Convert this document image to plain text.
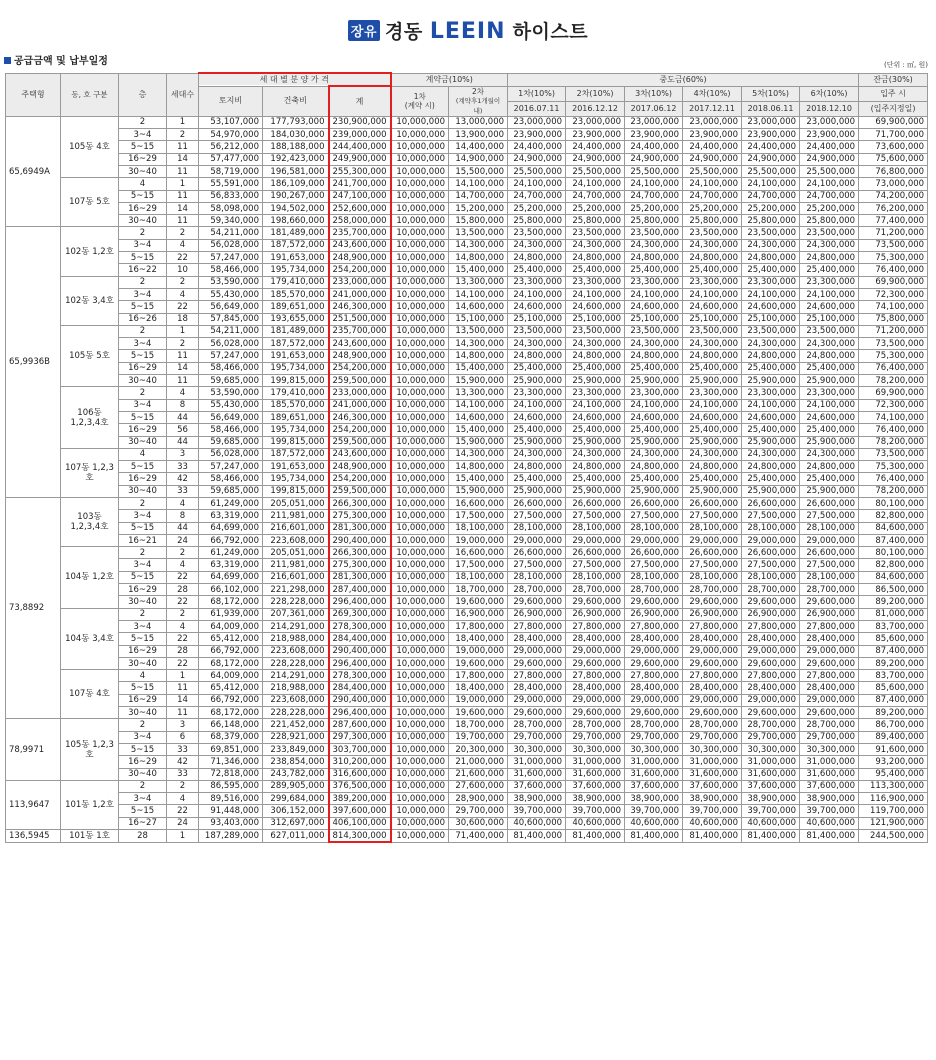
장유 경동 LEEIN 하이스트
공급금액 및 납부일정	(단위 : ㎡, 원)
주택형	동, 호 구분	층	세대수	세 대 별 분 양 가 격			계약금(10%)		중도금(60%)						잔금(30%)
				토지비	건축비	계	1차
(계약 시)	2차
(계약후1개월이내)	1차(10%)	2차(10%)	3차(10%)	4차(10%)	5차(10%)	6차(10%)	입주 시
									2016.07.11	2016.12.12	2017.06.12	2017.12.11	2018.06.11	2018.12.10	(입주지정일)
65,6949A	105동 4호	2	1	53,107,000	177,793,000	230,900,000	10,000,000	13,000,000	23,000,000	23,000,000	23,000,000	23,000,000	23,000,000	23,000,000	69,900,000
		3~4	2	54,970,000	184,030,000	239,000,000	10,000,000	13,900,000	23,900,000	23,900,000	23,900,000	23,900,000	23,900,000	23,900,000	71,700,000
		5~15	11	56,212,000	188,188,000	244,400,000	10,000,000	14,400,000	24,400,000	24,400,000	24,400,000	24,400,000	24,400,000	24,400,000	73,600,000
		16~29	14	57,477,000	192,423,000	249,900,000	10,000,000	14,900,000	24,900,000	24,900,000	24,900,000	24,900,000	24,900,000	24,900,000	75,600,000
		30~40	11	58,719,000	196,581,000	255,300,000	10,000,000	15,500,000	25,500,000	25,500,000	25,500,000	25,500,000	25,500,000	25,500,000	76,800,000
	107동 5호	4	1	55,591,000	186,109,000	241,700,000	10,000,000	14,100,000	24,100,000	24,100,000	24,100,000	24,100,000	24,100,000	24,100,000	73,000,000
		5~15	11	56,833,000	190,267,000	247,100,000	10,000,000	14,700,000	24,700,000	24,700,000	24,700,000	24,700,000	24,700,000	24,700,000	74,200,000
		16~29	14	58,098,000	194,502,000	252,600,000	10,000,000	15,200,000	25,200,000	25,200,000	25,200,000	25,200,000	25,200,000	25,200,000	76,200,000
		30~40	11	59,340,000	198,660,000	258,000,000	10,000,000	15,800,000	25,800,000	25,800,000	25,800,000	25,800,000	25,800,000	25,800,000	77,400,000
65,9936B	102동 1,2호	2	2	54,211,000	181,489,000	235,700,000	10,000,000	13,500,000	23,500,000	23,500,000	23,500,000	23,500,000	23,500,000	23,500,000	71,200,000
		3~4	4	56,028,000	187,572,000	243,600,000	10,000,000	14,300,000	24,300,000	24,300,000	24,300,000	24,300,000	24,300,000	24,300,000	73,500,000
		5~15	22	57,247,000	191,653,000	248,900,000	10,000,000	14,800,000	24,800,000	24,800,000	24,800,000	24,800,000	24,800,000	24,800,000	75,300,000
		16~22	10	58,466,000	195,734,000	254,200,000	10,000,000	15,400,000	25,400,000	25,400,000	25,400,000	25,400,000	25,400,000	25,400,000	76,400,000
	102동 3,4호	2	2	53,590,000	179,410,000	233,000,000	10,000,000	13,300,000	23,300,000	23,300,000	23,300,000	23,300,000	23,300,000	23,300,000	69,900,000
		3~4	4	55,430,000	185,570,000	241,000,000	10,000,000	14,100,000	24,100,000	24,100,000	24,100,000	24,100,000	24,100,000	24,100,000	72,300,000
		5~15	22	56,649,000	189,651,000	246,300,000	10,000,000	14,600,000	24,600,000	24,600,000	24,600,000	24,600,000	24,600,000	24,600,000	74,100,000
		16~26	18	57,845,000	193,655,000	251,500,000	10,000,000	15,100,000	25,100,000	25,100,000	25,100,000	25,100,000	25,100,000	25,100,000	75,800,000
	105동 5호	2	1	54,211,000	181,489,000	235,700,000	10,000,000	13,500,000	23,500,000	23,500,000	23,500,000	23,500,000	23,500,000	23,500,000	71,200,000
		3~4	2	56,028,000	187,572,000	243,600,000	10,000,000	14,300,000	24,300,000	24,300,000	24,300,000	24,300,000	24,300,000	24,300,000	73,500,000
		5~15	11	57,247,000	191,653,000	248,900,000	10,000,000	14,800,000	24,800,000	24,800,000	24,800,000	24,800,000	24,800,000	24,800,000	75,300,000
		16~29	14	58,466,000	195,734,000	254,200,000	10,000,000	15,400,000	25,400,000	25,400,000	25,400,000	25,400,000	25,400,000	25,400,000	76,400,000
		30~40	11	59,685,000	199,815,000	259,500,000	10,000,000	15,900,000	25,900,000	25,900,000	25,900,000	25,900,000	25,900,000	25,900,000	78,200,000
	106동 1,2,3,4호	2	4	53,590,000	179,410,000	233,000,000	10,000,000	13,300,000	23,300,000	23,300,000	23,300,000	23,300,000	23,300,000	23,300,000	69,900,000
		3~4	8	55,430,000	185,570,000	241,000,000	10,000,000	14,100,000	24,100,000	24,100,000	24,100,000	24,100,000	24,100,000	24,100,000	72,300,000
		5~15	44	56,649,000	189,651,000	246,300,000	10,000,000	14,600,000	24,600,000	24,600,000	24,600,000	24,600,000	24,600,000	24,600,000	74,100,000
		16~29	56	58,466,000	195,734,000	254,200,000	10,000,000	15,400,000	25,400,000	25,400,000	25,400,000	25,400,000	25,400,000	25,400,000	76,400,000
		30~40	44	59,685,000	199,815,000	259,500,000	10,000,000	15,900,000	25,900,000	25,900,000	25,900,000	25,900,000	25,900,000	25,900,000	78,200,000
	107동 1,2,3호	4	3	56,028,000	187,572,000	243,600,000	10,000,000	14,300,000	24,300,000	24,300,000	24,300,000	24,300,000	24,300,000	24,300,000	73,500,000
		5~15	33	57,247,000	191,653,000	248,900,000	10,000,000	14,800,000	24,800,000	24,800,000	24,800,000	24,800,000	24,800,000	24,800,000	75,300,000
		16~29	42	58,466,000	195,734,000	254,200,000	10,000,000	15,400,000	25,400,000	25,400,000	25,400,000	25,400,000	25,400,000	25,400,000	76,400,000
		30~40	33	59,685,000	199,815,000	259,500,000	10,000,000	15,900,000	25,900,000	25,900,000	25,900,000	25,900,000	25,900,000	25,900,000	78,200,000
73,8892	103동 1,2,3,4호	2	4	61,249,000	205,051,000	266,300,000	10,000,000	16,600,000	26,600,000	26,600,000	26,600,000	26,600,000	26,600,000	26,600,000	80,100,000
		3~4	8	63,319,000	211,981,000	275,300,000	10,000,000	17,500,000	27,500,000	27,500,000	27,500,000	27,500,000	27,500,000	27,500,000	82,800,000
		5~15	44	64,699,000	216,601,000	281,300,000	10,000,000	18,100,000	28,100,000	28,100,000	28,100,000	28,100,000	28,100,000	28,100,000	84,600,000
		16~21	24	66,792,000	223,608,000	290,400,000	10,000,000	19,000,000	29,000,000	29,000,000	29,000,000	29,000,000	29,000,000	29,000,000	87,400,000
	104동 1,2호	2	2	61,249,000	205,051,000	266,300,000	10,000,000	16,600,000	26,600,000	26,600,000	26,600,000	26,600,000	26,600,000	26,600,000	80,100,000
		3~4	4	63,319,000	211,981,000	275,300,000	10,000,000	17,500,000	27,500,000	27,500,000	27,500,000	27,500,000	27,500,000	27,500,000	82,800,000
		5~15	22	64,699,000	216,601,000	281,300,000	10,000,000	18,100,000	28,100,000	28,100,000	28,100,000	28,100,000	28,100,000	28,100,000	84,600,000
		16~29	28	66,102,000	221,298,000	287,400,000	10,000,000	18,700,000	28,700,000	28,700,000	28,700,000	28,700,000	28,700,000	28,700,000	86,500,000
		30~40	22	68,172,000	228,228,000	296,400,000	10,000,000	19,600,000	29,600,000	29,600,000	29,600,000	29,600,000	29,600,000	29,600,000	89,200,000
	104동 3,4호	2	2	61,939,000	207,361,000	269,300,000	10,000,000	16,900,000	26,900,000	26,900,000	26,900,000	26,900,000	26,900,000	26,900,000	81,000,000
		3~4	4	64,009,000	214,291,000	278,300,000	10,000,000	17,800,000	27,800,000	27,800,000	27,800,000	27,800,000	27,800,000	27,800,000	83,700,000
		5~15	22	65,412,000	218,988,000	284,400,000	10,000,000	18,400,000	28,400,000	28,400,000	28,400,000	28,400,000	28,400,000	28,400,000	85,600,000
		16~29	28	66,792,000	223,608,000	290,400,000	10,000,000	19,000,000	29,000,000	29,000,000	29,000,000	29,000,000	29,000,000	29,000,000	87,400,000
		30~40	22	68,172,000	228,228,000	296,400,000	10,000,000	19,600,000	29,600,000	29,600,000	29,600,000	29,600,000	29,600,000	29,600,000	89,200,000
	107동 4호	4	1	64,009,000	214,291,000	278,300,000	10,000,000	17,800,000	27,800,000	27,800,000	27,800,000	27,800,000	27,800,000	27,800,000	83,700,000
		5~15	11	65,412,000	218,988,000	284,400,000	10,000,000	18,400,000	28,400,000	28,400,000	28,400,000	28,400,000	28,400,000	28,400,000	85,600,000
		16~29	14	66,792,000	223,608,000	290,400,000	10,000,000	19,000,000	29,000,000	29,000,000	29,000,000	29,000,000	29,000,000	29,000,000	87,400,000
		30~40	11	68,172,000	228,228,000	296,400,000	10,000,000	19,600,000	29,600,000	29,600,000	29,600,000	29,600,000	29,600,000	29,600,000	89,200,000
78,9971	105동 1,2,3호	2	3	66,148,000	221,452,000	287,600,000	10,000,000	18,700,000	28,700,000	28,700,000	28,700,000	28,700,000	28,700,000	28,700,000	86,700,000
		3~4	6	68,379,000	228,921,000	297,300,000	10,000,000	19,700,000	29,700,000	29,700,000	29,700,000	29,700,000	29,700,000	29,700,000	89,400,000
		5~15	33	69,851,000	233,849,000	303,700,000	10,000,000	20,300,000	30,300,000	30,300,000	30,300,000	30,300,000	30,300,000	30,300,000	91,600,000
		16~29	42	71,346,000	238,854,000	310,200,000	10,000,000	21,000,000	31,000,000	31,000,000	31,000,000	31,000,000	31,000,000	31,000,000	93,200,000
		30~40	33	72,818,000	243,782,000	316,600,000	10,000,000	21,600,000	31,600,000	31,600,000	31,600,000	31,600,000	31,600,000	31,600,000	95,400,000
113,9647	101동 1,2호	2	2	86,595,000	289,905,000	376,500,000	10,000,000	27,600,000	37,600,000	37,600,000	37,600,000	37,600,000	37,600,000	37,600,000	113,300,000
		3~4	4	89,516,000	299,684,000	389,200,000	10,000,000	28,900,000	38,900,000	38,900,000	38,900,000	38,900,000	38,900,000	38,900,000	116,900,000
		5~15	22	91,448,000	306,152,000	397,600,000	10,000,000	29,700,000	39,700,000	39,700,000	39,700,000	39,700,000	39,700,000	39,700,000	119,700,000
		16~27	24	93,403,000	312,697,000	406,100,000	10,000,000	30,600,000	40,600,000	40,600,000	40,600,000	40,600,000	40,600,000	40,600,000	121,900,000
136,5945	101동 1호	28	1	187,289,000	627,011,000	814,300,000	10,000,000	71,400,000	81,400,000	81,400,000	81,400,000	81,400,000	81,400,000	81,400,000	244,500,000
